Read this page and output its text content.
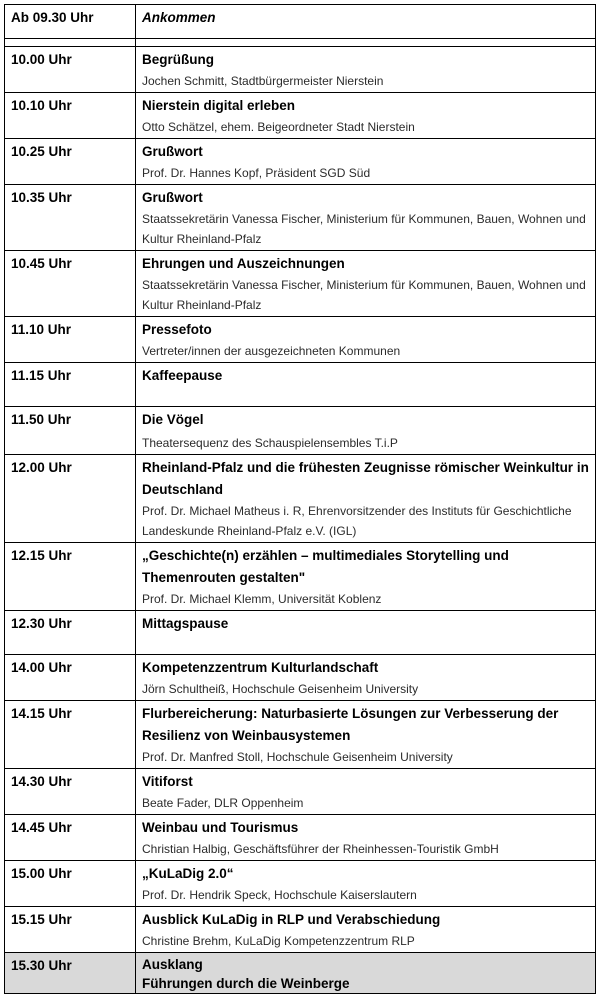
Ab 09.30 Uhr	Ankommen

10.00 Uhr	Begrüßung
Jochen Schmitt, Stadtbürgermeister Nierstein

10.10 Uhr	Nierstein digital erleben
Otto Schätzel, ehem. Beigeordneter Stadt Nierstein

10.25 Uhr	Grußwort
Prof. Dr. Hannes Kopf, Präsident SGD Süd

10.35 Uhr	Grußwort
Staatssekretärin Vanessa Fischer, Ministerium für Kommunen, Bauen, Wohnen und Kultur Rheinland-Pfalz

10.45 Uhr	Ehrungen und Auszeichnungen
Staatssekretärin Vanessa Fischer, Ministerium für Kommunen, Bauen, Wohnen und Kultur Rheinland-Pfalz

11.10 Uhr	Pressefoto
Vertreter/innen der ausgezeichneten Kommunen

11.15 Uhr	Kaffeepause

11.50 Uhr	Die Vögel
Theatersequenz des Schauspielensembles T.i.P

12.00 Uhr	Rheinland-Pfalz und die frühesten Zeugnisse römischer Weinkultur in Deutschland
Prof. Dr. Michael Matheus i. R, Ehrenvorsitzender des Instituts für Geschichtliche Landeskunde Rheinland-Pfalz e.V. (IGL)

12.15 Uhr	„Geschichte(n) erzählen – multimediales Storytelling und Themenrouten gestalten"
Prof. Dr. Michael Klemm, Universität Koblenz

12.30 Uhr	Mittagspause

14.00 Uhr	Kompetenzzentrum Kulturlandschaft
Jörn Schultheiß, Hochschule Geisenheim University

14.15 Uhr	Flurbereicherung: Naturbasierte Lösungen zur Verbesserung der Resilienz von Weinbausystemen
Prof. Dr. Manfred Stoll, Hochschule Geisenheim University

14.30 Uhr	Vitiforst
Beate Fader, DLR Oppenheim

14.45 Uhr	Weinbau und Tourismus
Christian Halbig, Geschäftsführer der Rheinhessen-Touristik GmbH

15.00 Uhr	„KuLaDig 2.0“
Prof. Dr. Hendrik Speck, Hochschule Kaiserslautern

15.15 Uhr	Ausblick KuLaDig in RLP und Verabschiedung
Christine Brehm, KuLaDig Kompetenzzentrum RLP

15.30 Uhr	Ausklang
Führungen durch die Weinberge
